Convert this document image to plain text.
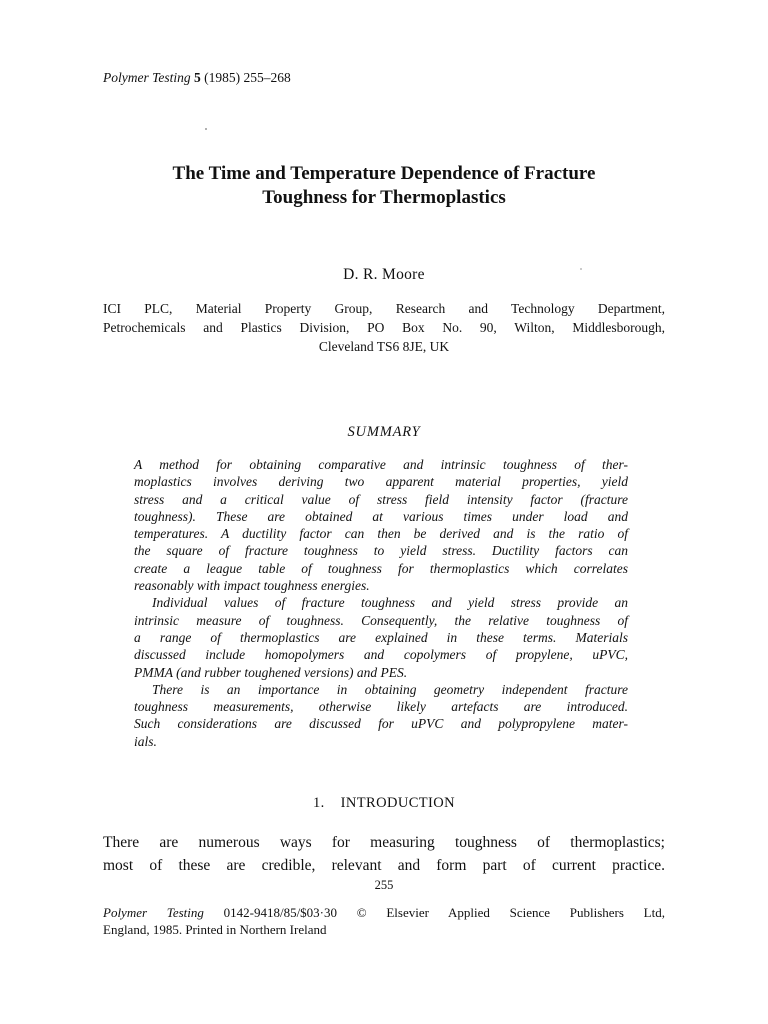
Polymer Testing 5 (1985) 255–268
The Time and Temperature Dependence of Fracture
Toughness for Thermoplastics
D. R. Moore
ICI PLC, Material Property Group, Research and Technology Department,
Petrochemicals and Plastics Division, PO Box No. 90, Wilton, Middlesborough,
Cleveland TS6 8JE, UK
SUMMARY
A method for obtaining comparative and intrinsic toughness of ther-
moplastics involves deriving two apparent material properties, yield
stress and a critical value of stress field intensity factor (fracture
toughness). These are obtained at various times under load and
temperatures. A ductility factor can then be derived and is the ratio of
the square of fracture toughness to yield stress. Ductility factors can
create a league table of toughness for thermoplastics which correlates
reasonably with impact toughness energies.
Individual values of fracture toughness and yield stress provide an
intrinsic measure of toughness. Consequently, the relative toughness of
a range of thermoplastics are explained in these terms. Materials
discussed include homopolymers and copolymers of propylene, uPVC,
PMMA (and rubber toughened versions) and PES.
There is an importance in obtaining geometry independent fracture
toughness measurements, otherwise likely artefacts are introduced.
Such considerations are discussed for uPVC and polypropylene mater-
ials.
1. INTRODUCTION
There are numerous ways for measuring toughness of thermoplastics;
most of these are credible, relevant and form part of current practice.
255
Polymer Testing 0142-9418/85/$03·30 © Elsevier Applied Science Publishers Ltd,
England, 1985. Printed in Northern Ireland
